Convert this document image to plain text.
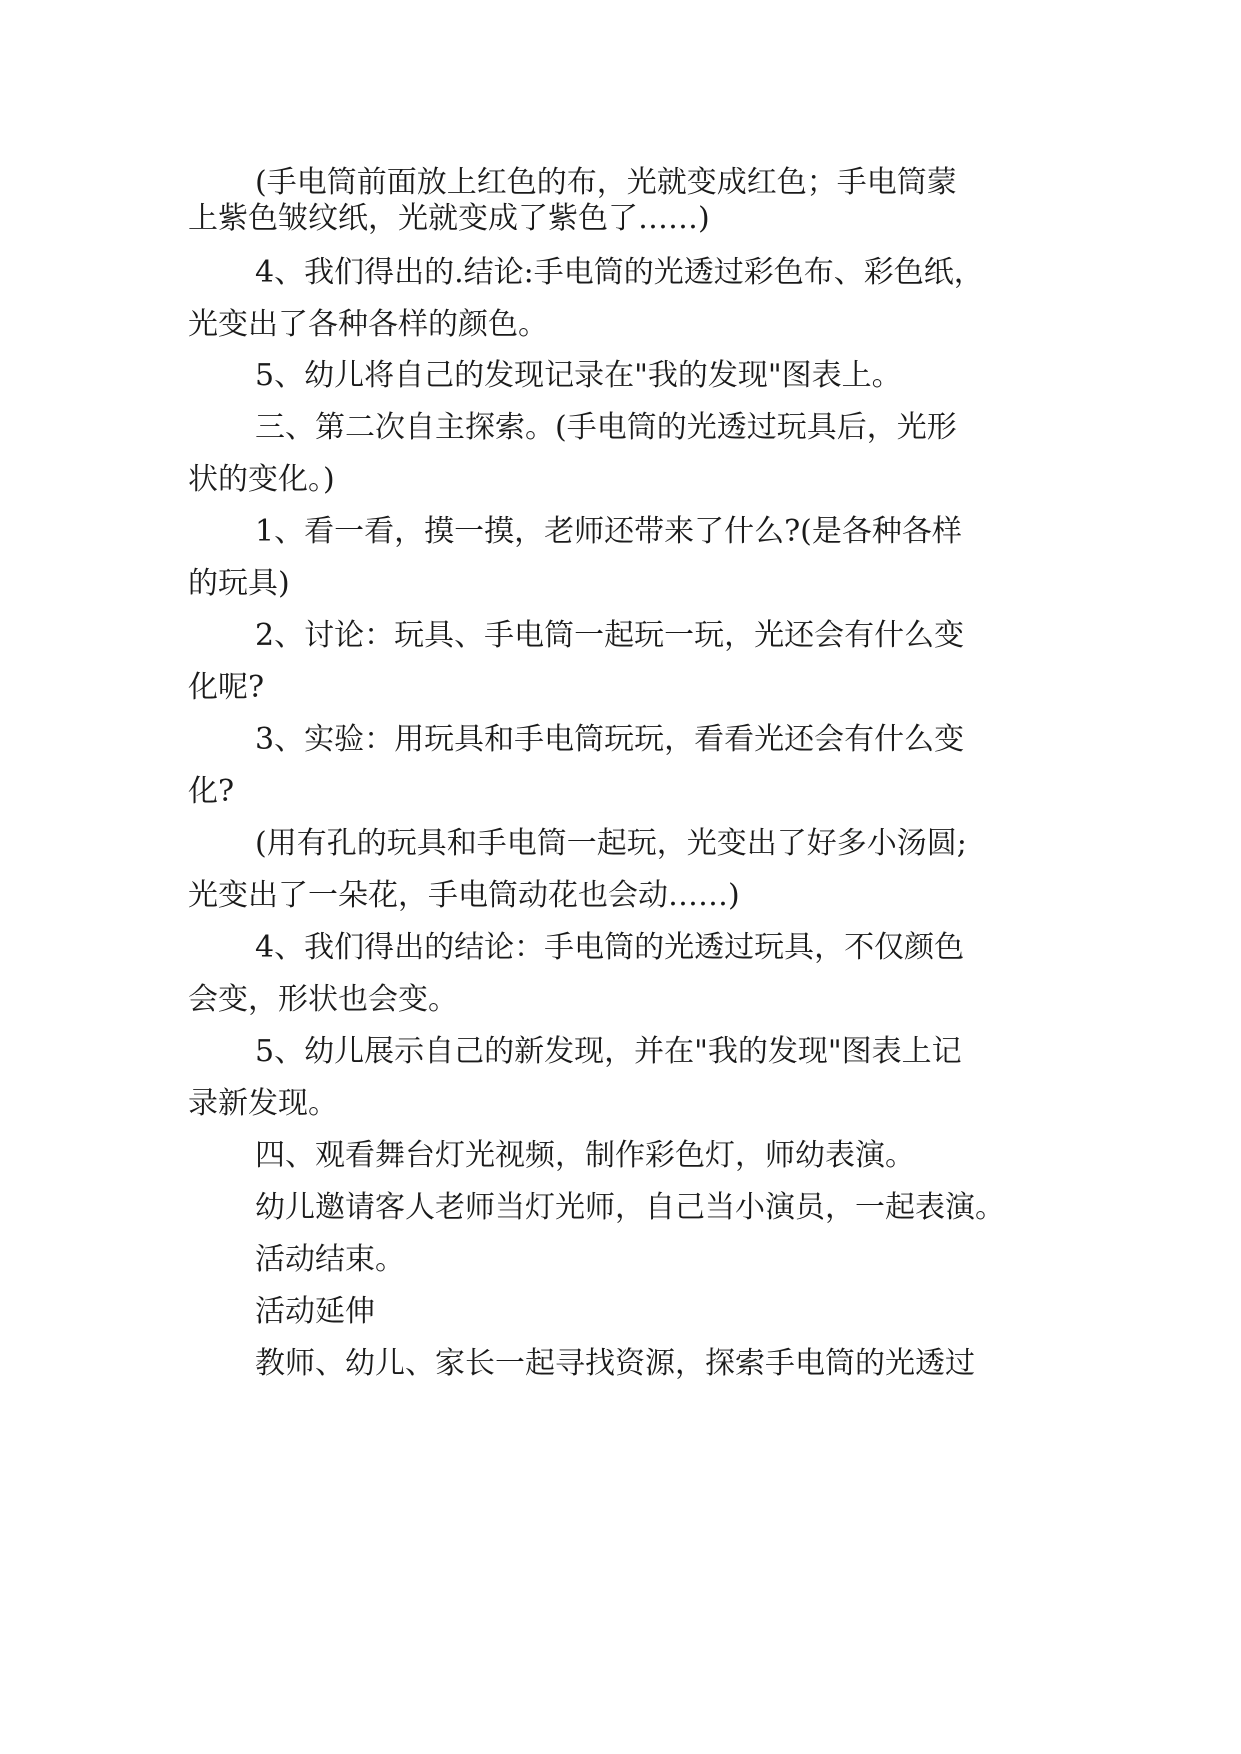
(手电筒前面放上红色的布，光就变成红色；手电筒蒙
上紫色皱纹纸，光就变成了紫色了……)
4、我们得出的.结论:手电筒的光透过彩色布、彩色纸，
光变出了各种各样的颜色。
5、幼儿将自己的发现记录在"我的发现"图表上。
三、第二次自主探索。(手电筒的光透过玩具后，光形
状的变化。)
1、看一看，摸一摸，老师还带来了什么?(是各种各样
的玩具)
2、讨论：玩具、手电筒一起玩一玩，光还会有什么变
化呢?
3、实验：用玩具和手电筒玩玩，看看光还会有什么变
化?
(用有孔的玩具和手电筒一起玩，光变出了好多小汤圆;
光变出了一朵花，手电筒动花也会动……)
4、我们得出的结论：手电筒的光透过玩具，不仅颜色
会变，形状也会变。
5、幼儿展示自己的新发现，并在"我的发现"图表上记
录新发现。
四、观看舞台灯光视频，制作彩色灯，师幼表演。
幼儿邀请客人老师当灯光师，自己当小演员，一起表演。
活动结束。
活动延伸
教师、幼儿、家长一起寻找资源，探索手电筒的光透过
